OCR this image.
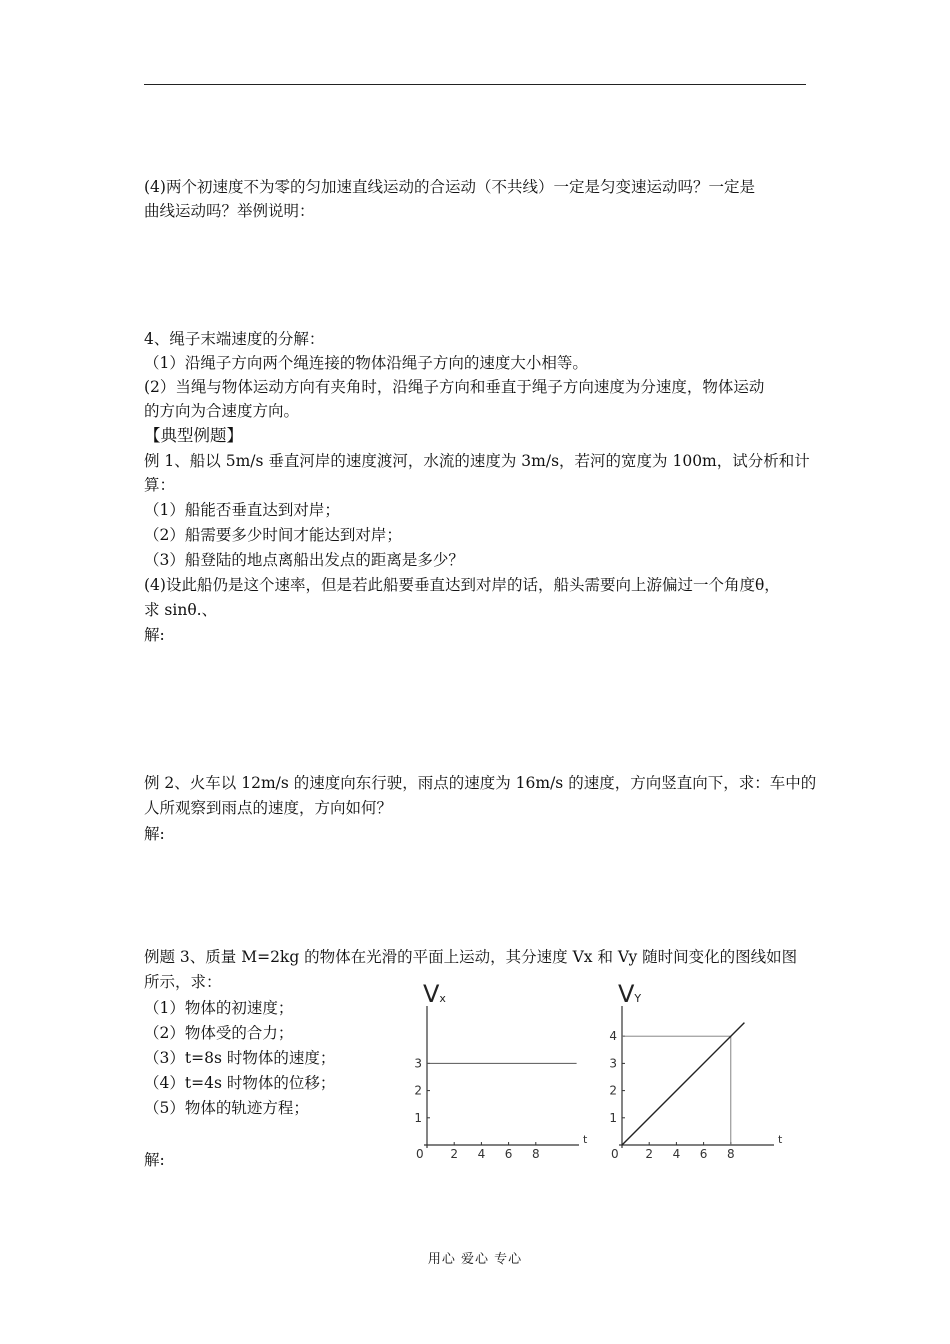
(4)两个初速度不为零的匀加速直线运动的合运动（不共线）一定是匀变速运动吗？一定是
曲线运动吗？举例说明：
4、绳子末端速度的分解：
（1）沿绳子方向两个绳连接的物体沿绳子方向的速度大小相等。
(2）当绳与物体运动方向有夹角时，沿绳子方向和垂直于绳子方向速度为分速度，物体运动
的方向为合速度方向。
【典型例题】
例 1、船以 5m/s 垂直河岸的速度渡河，水流的速度为 3m/s，若河的宽度为 100m，试分析和计
算：
（1）船能否垂直达到对岸；
（2）船需要多少时间才能达到对岸；
（3）船登陆的地点离船出发点的距离是多少？
(4)设此船仍是这个速率，但是若此船要垂直达到对岸的话，船头需要向上游偏过一个角度θ，
求 sinθ.、
解:
例 2、火车以 12m/s 的速度向东行驶，雨点的速度为 16m/s 的速度，方向竖直向下，求：车中的
人所观察到雨点的速度，方向如何？
解:
例题 3、质量 M=2kg 的物体在光滑的平面上运动，其分速度 Vx 和 Vy 随时间变化的图线如图
所示，求：
（1）物体的初速度；
（2）物体受的合力；
（3）t=8s 时物体的速度；
（4）t=4s 时物体的位移；
（5）物体的轨迹方程；
解:
Vx
t
0 2 4 6 8
1
2
3
VY
t
0 2 4 6 8
1
2
3
4
用心 爱心 专心
